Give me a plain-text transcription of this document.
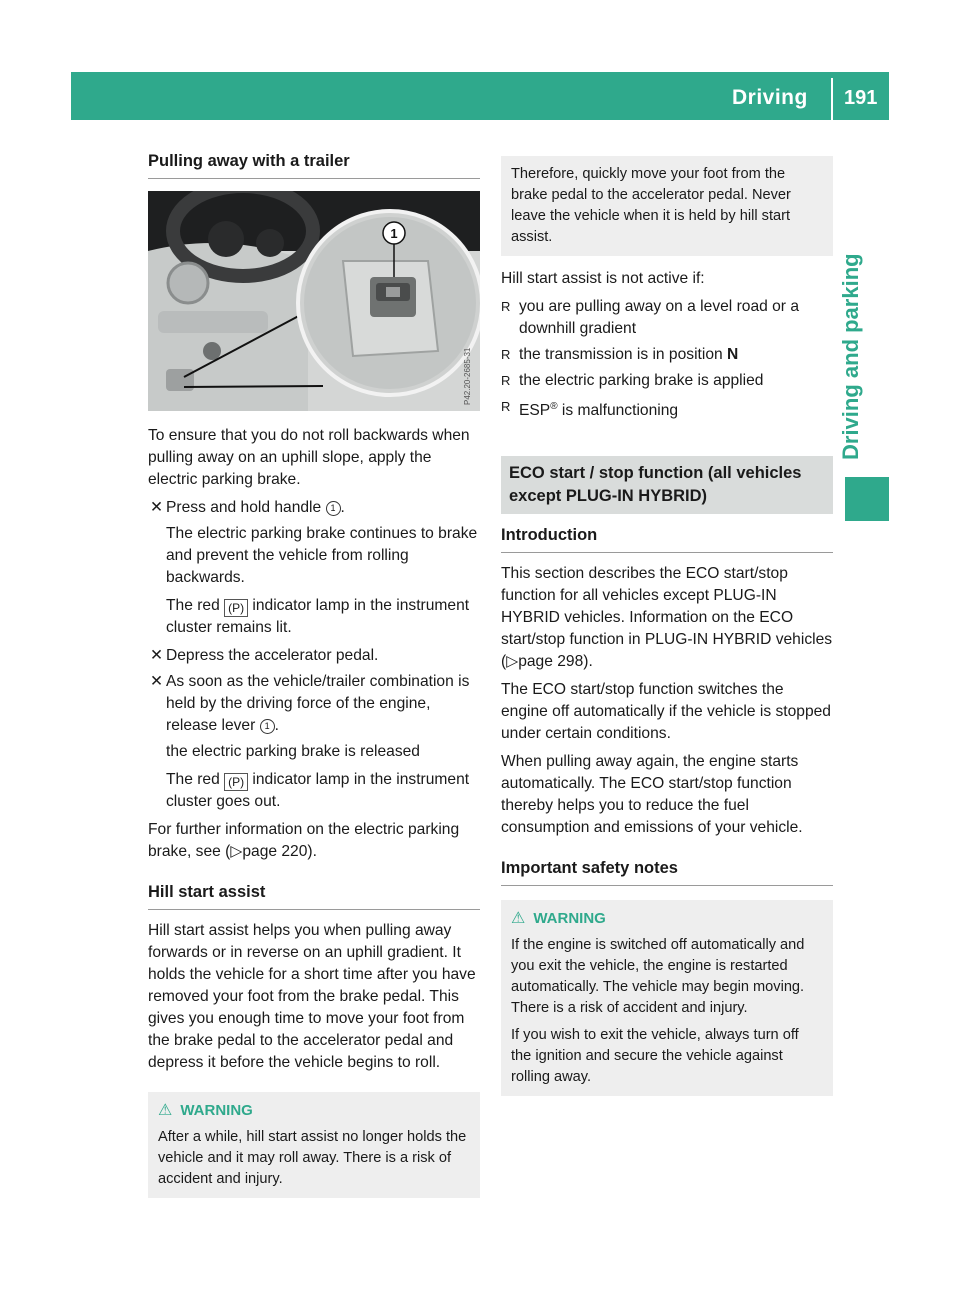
Driving 191
Driving and parking
Pulling away with a trailer
1
P42.20-2685-31

To ensure that you do not roll backwards when pulling away on an uphill slope, apply the electric parking brake.

✕ Press and hold handle 1 .

The electric parking brake continues to brake and prevent the vehicle from rolling backwards.

The red (P) indicator lamp in the instrument cluster remains lit.

✕ Depress the accelerator pedal.
✕ As soon as the vehicle/trailer combination is held by the driving force of the engine, release lever 1 .

the electric parking brake is released

The red (P) indicator lamp in the instrument cluster goes out.

For further information on the electric parking brake, see (▷page 220).

Hill start assist

Hill start assist helps you when pulling away forwards or in reverse on an uphill gradient. It holds the vehicle for a short time after you have removed your foot from the brake pedal. This gives you enough time to move your foot from the brake pedal to the accelerator pedal and depress it before the vehicle begins to roll.

⚠ WARNING
After a while, hill start assist no longer holds the vehicle and it may roll away. There is a risk of accident and injury.
Therefore, quickly move your foot from the brake pedal to the accelerator pedal. Never leave the vehicle when it is held by hill start assist.

Hill start assist is not active if:

R you are pulling away on a level road or a downhill gradient
R the transmission is in position N
R the electric parking brake is applied
R ESP® is malfunctioning
ECO start / stop function (all vehicles except PLUG-IN HYBRID)
Introduction

This section describes the ECO start/stop function for all vehicles except PLUG-IN HYBRID vehicles. Information on the ECO start/stop function in PLUG-IN HYBRID vehicles (▷page 298).

The ECO start/stop function switches the engine off automatically if the vehicle is stopped under certain conditions.

When pulling away again, the engine starts automatically. The ECO start/stop function thereby helps you to reduce the fuel consumption and emissions of your vehicle.

Important safety notes
⚠ WARNING

If the engine is switched off automatically and you exit the vehicle, the engine is restarted automatically. The vehicle may begin moving. There is a risk of accident and injury.

If you wish to exit the vehicle, always turn off the ignition and secure the vehicle against rolling away.
